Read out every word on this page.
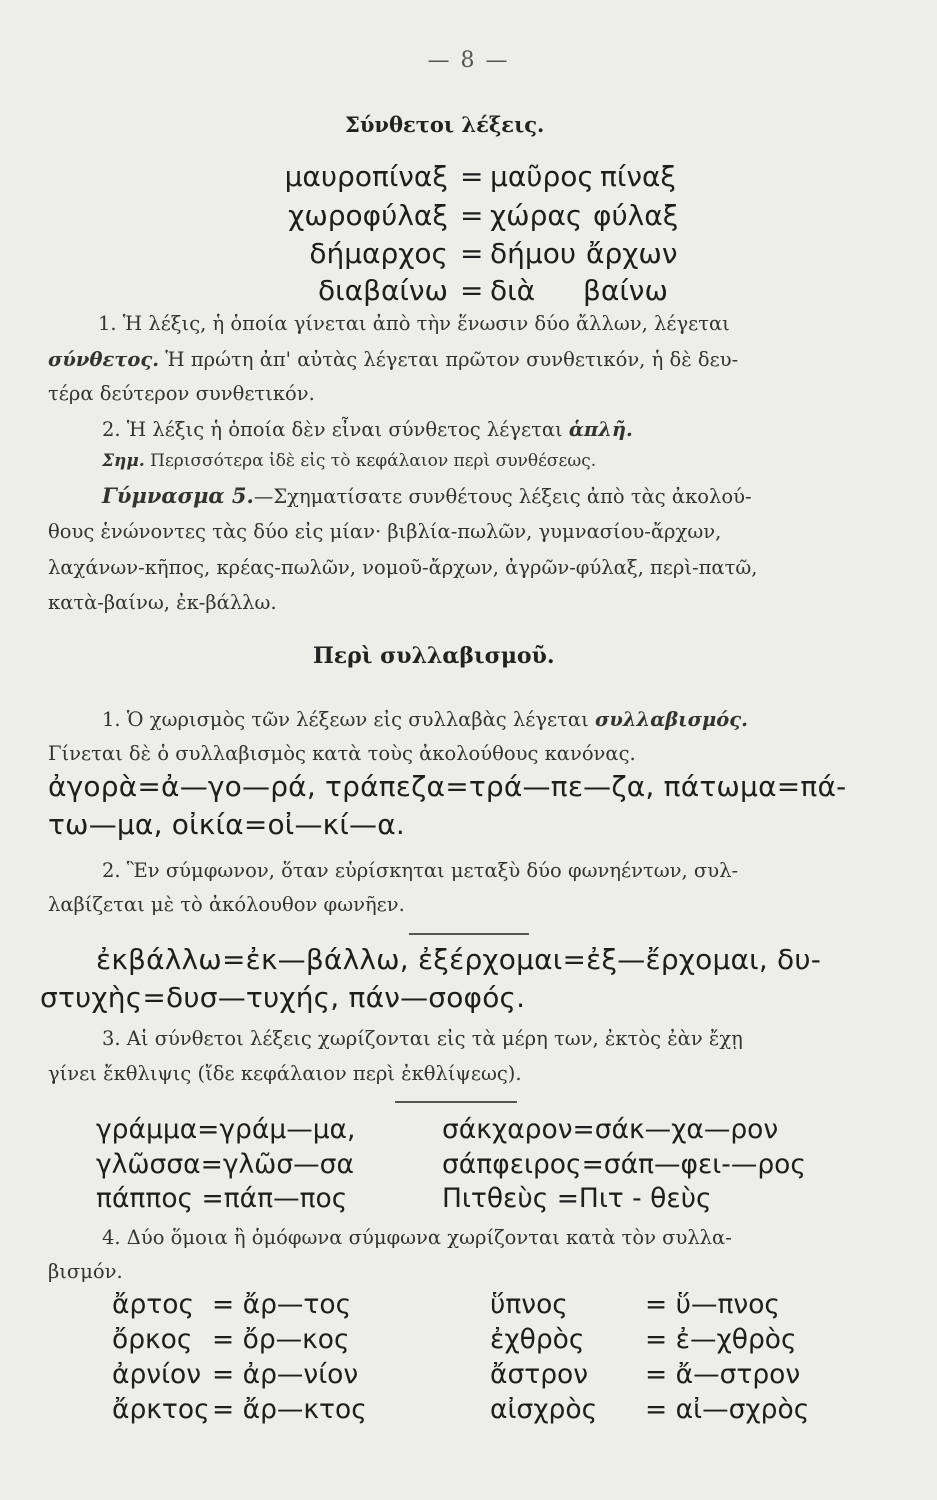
— 8 —
Σύνθετοι λέξεις.
μαυροπίναξ = μαῦρος πίναξ
χωροφύλαξ = χώρας φύλαξ
δήμαρχος = δήμου ἄρχων
διαβαίνω = διὰ βαίνω
1. Ἡ λέξις, ἡ ὁποία γίνεται ἀπὸ τὴν ἕνωσιν δύο ἄλλων, λέγεται
σύνθετος. Ἡ πρώτη ἀπ' αὐτὰς λέγεται πρῶτον συνθετικόν, ἡ δὲ δευ-
τέρα δεύτερον συνθετικόν.
2. Ἡ λέξις ἡ ὁποία δὲν εἶναι σύνθετος λέγεται ἁπλῆ.
Σημ. Περισσότερα ἰδὲ εἰς τὸ κεφάλαιον περὶ συνθέσεως.
Γύμνασμα 5.—Σχηματίσατε συνθέτους λέξεις ἀπὸ τὰς ἀκολού-
θους ἑνώνοντες τὰς δύο εἰς μίαν· βιβλία-πωλῶν, γυμνασίου-ἄρχων,
λαχάνων-κῆπος, κρέας-πωλῶν, νομοῦ-ἄρχων, ἀγρῶν-φύλαξ, περὶ-πατῶ,
κατὰ-βαίνω, ἐκ-βάλλω.
Περὶ συλλαβισμοῦ.
1. Ὁ χωρισμὸς τῶν λέξεων εἰς συλλαβὰς λέγεται συλλαβισμός.
Γίνεται δὲ ὁ συλλαβισμὸς κατὰ τοὺς ἀκολούθους κανόνας.
ἀγορὰ=ἀ—γο—ρά, τράπεζα=τρά—πε—ζα, πάτωμα=πά-
τω—μα, οἰκία=οἰ—κί—α.
2. Ἓν σύμφωνον, ὅταν εὑρίσκηται μεταξὺ δύο φωνηέντων, συλ-
λαβίζεται μὲ τὸ ἀκόλουθον φωνῆεν.
ἐκβάλλω=ἐκ—βάλλω, ἐξέρχομαι=ἐξ—ἔρχομαι, δυ-
στυχὴς=δυσ—τυχής, πάν—σοφός.
3. Αἱ σύνθετοι λέξεις χωρίζονται εἰς τὰ μέρη των, ἐκτὸς ἐὰν ἔχῃ
γίνει ἔκθλιψις (ἴδε κεφάλαιον περὶ ἐκθλίψεως).
γράμμα=γράμ—μα,	σάκχαρον=σάκ—χα—ρον
γλῶσσα=γλῶσ—σα	σάπφειρος=σάπ—φει-—ρος
πάππος =πάπ—πος	Πιτθεὺς =Πιτ - θεὺς
4. Δύο ὅμοια ἢ ὁμόφωνα σύμφωνα χωρίζονται κατὰ τὸν συλλα-
βισμόν.
ἄρτος = ἄρ—τος	ὕπνος	= ὕ—πνος
ὄρκος = ὄρ—κος	ἐχθρὸς = ἐ—χθρὸς
ἀρνίον = ἀρ—νίον	ἄστρον = ἄ—στρον
ἄρκτος = ἄρ—κτος	αἰσχρὸς = αἰ—σχρὸς
